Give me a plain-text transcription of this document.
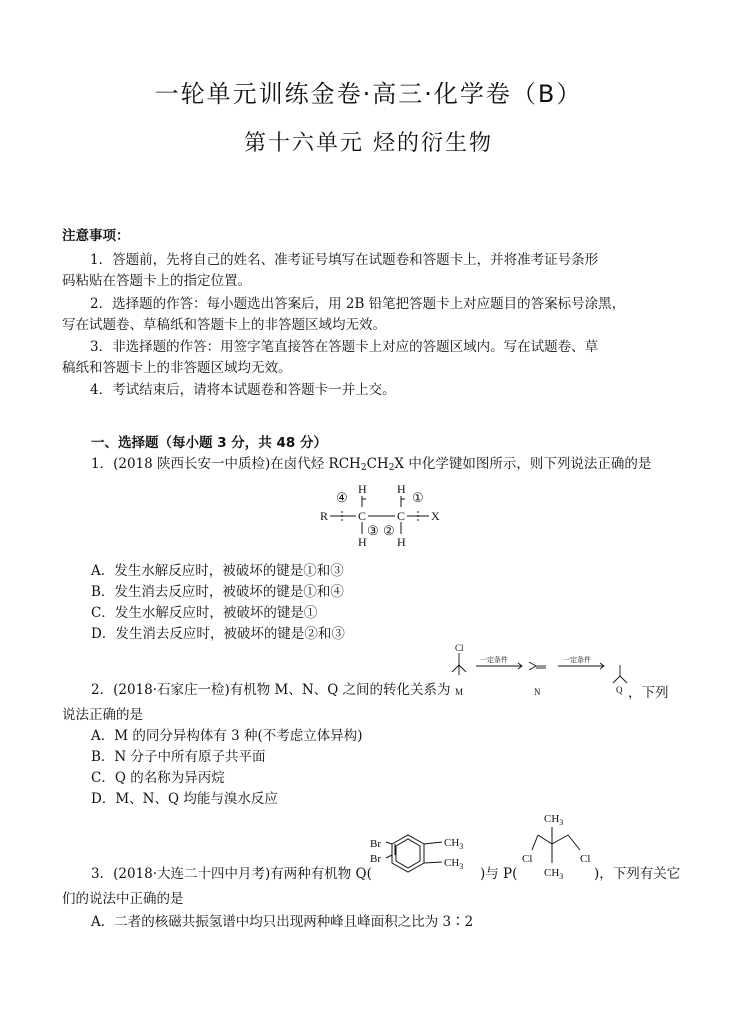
一轮单元训练金卷·高三·化学卷（B）
第十六单元 烃的衍生物
注意事项：
1．答题前，先将自己的姓名、准考证号填写在试题卷和答题卡上，并将准考证号条形
码粘贴在答题卡上的指定位置。
2．选择题的作答：每小题选出答案后，用 2B 铅笔把答题卡上对应题目的答案标号涂黑，
写在试题卷、草稿纸和答题卡上的非答题区域均无效。
3．非选择题的作答：用签字笔直接答在答题卡上对应的答题区域内。写在试题卷、草
稿纸和答题卡上的非答题区域均无效。
4．考试结束后，请将本试题卷和答题卡一并上交。
一、选择题（每小题 3 分，共 48 分）
1．(2018 陕西长安一中质检)在卤代烃 $RCH_2CH_2X$ 中化学键如图所示，则下列说法正确的是
R C	C X
H	H
H	H
④	①
③ ②
A．发生水解反应时，被破坏的键是①和③
B．发生消去反应时，被破坏的键是①和④
C．发生水解反应时，被破坏的键是①
D．发生消去反应时，被破坏的键是②和③
2．(2018·石家庄一检)有机物 M、N、Q 之间的转化关系为
Cl
M	N	Q
一定条件	一定条件
，下列
说法正确的是
A．M 的同分异构体有 3 种(不考虑立体异构)
B．N 分子中所有原子共平面
C．Q 的名称为异丙烷
D．M、N、Q 均能与溴水反应
3．(2018·大连二十四中月考)有两种有机物 Q(
Br
Br
$CH_3$
$CH_3$ )与 P(
$CH_3$
$CH_3$
Cl	Cl
)，下列有关它
们的说法中正确的是
A．二者的核磁共振氢谱中均只出现两种峰且峰面积之比为 3∶2
